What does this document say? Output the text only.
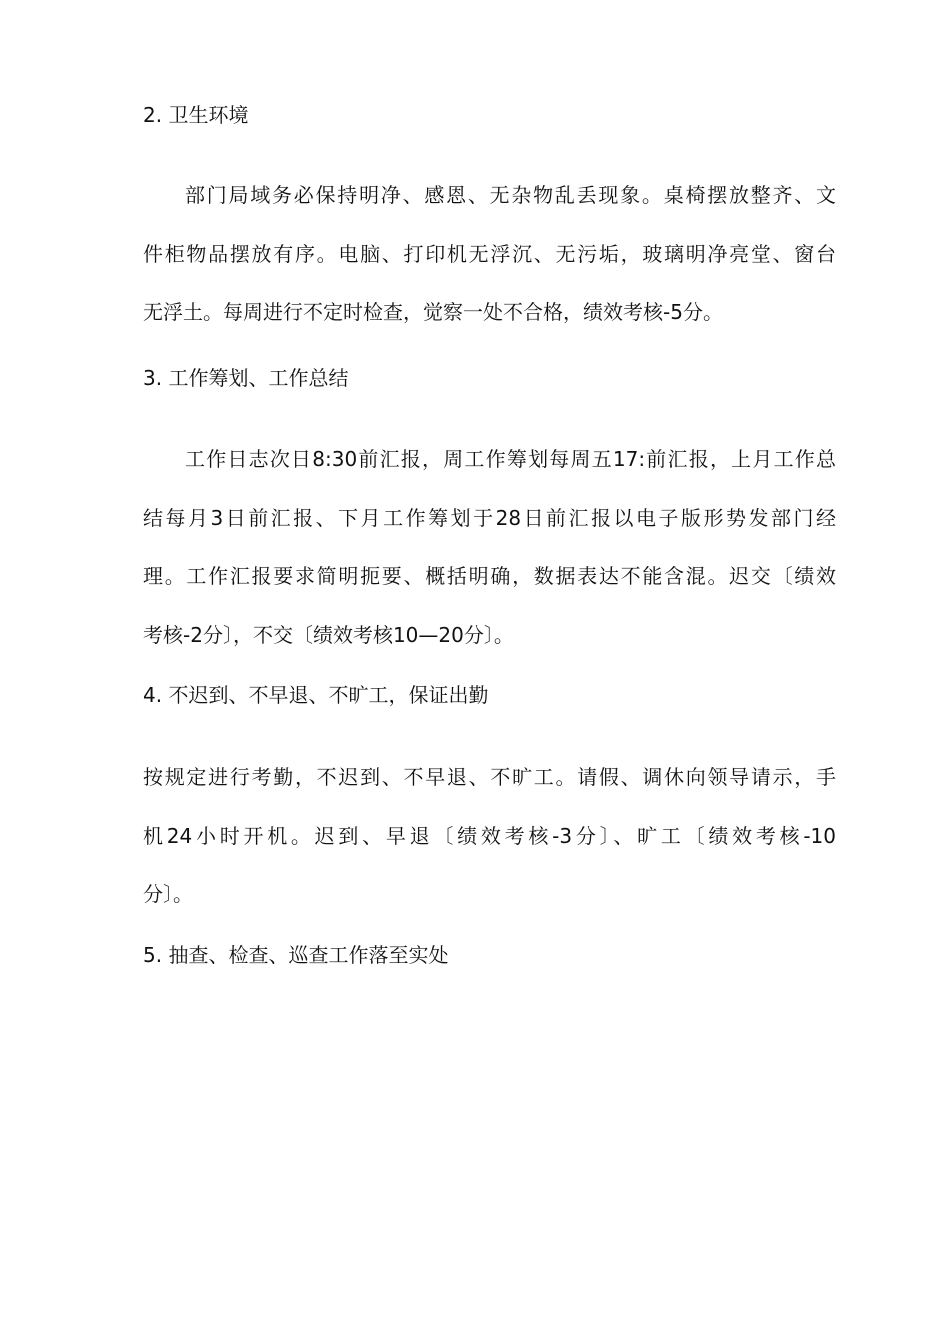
2. 卫生环境
部门局域务必保持明净、感恩、无杂物乱丢现象。桌椅摆放整齐、文
件柜物品摆放有序。电脑、打印机无浮沉、无污垢，玻璃明净亮堂、窗台
无浮土。每周进行不定时检查，觉察一处不合格，绩效考核-5分。
3. 工作筹划、工作总结
工作日志次日8:30前汇报，周工作筹划每周五17:前汇报，上月工作总
结每月3日前汇报、下月工作筹划于28日前汇报以电子版形势发部门经
理。工作汇报要求简明扼要、概括明确，数据表达不能含混。迟交〔绩效
考核-2分〕，不交〔绩效考核10—20分〕。
4. 不迟到、不早退、不旷工，保证出勤
按规定进行考勤，不迟到、不早退、不旷工。请假、调休向领导请示，手
机24小时开机。迟到、早退〔绩效考核-3分〕、旷工〔绩效考核-10
分〕。
5. 抽查、检查、巡查工作落至实处
